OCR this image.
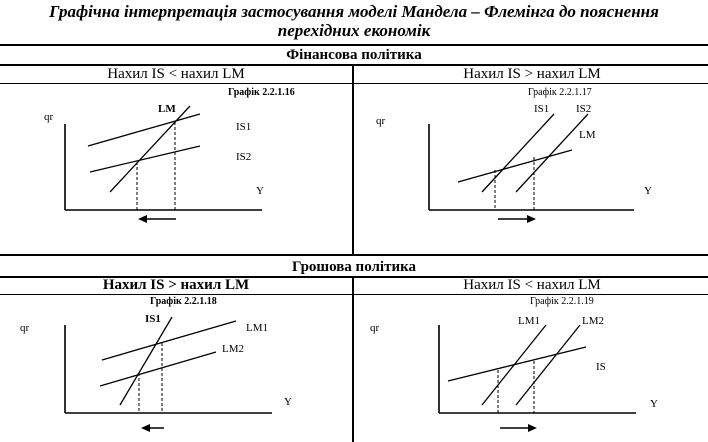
Графічна інтерпретація застосування моделі Мандела – Флемінга до пояснення
перехідних економік
Фінансова політика
Нахил IS < нахил LM	Нахил IS > нахил LM
Грошова політика
Нахил IS > нахил LM	Нахил IS < нахил LM
Графік 2.2.1.16
qr
Y
LM
IS1
IS2
Графік 2.2.1.17
qr
Y
IS1 IS2
LM
Графік 2.2.1.18
qr
Y
IS1
LM1
LM2
Графік 2.2.1.19
qr
Y
LM1	LM2
IS
